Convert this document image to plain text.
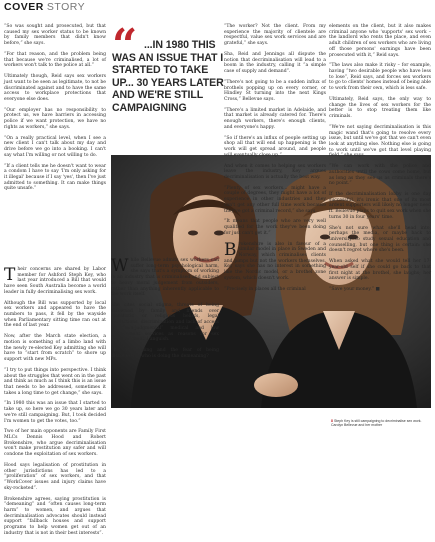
COVER STORY

“So was sought and prosecuted, but that caused my sex worker status to be known by family members that didn't know before,” she says.

“For that reason, and the problem being that because we're criminalised, a lot of workers won't talk to the police at all.”

Ultimately though, Reid says sex workers just want to be seen as legitimate, to not be discriminated against and to have the same access to workplace protections that everyone else does.

“Our employer has no responsibility to protect us, we have barriers in accessing police if we want protection, we have no rights as workers,” she says.

“On a really practical level, when I see a new client I can't talk about my day and drive before we go into a booking. I can't say what I'm willing or not willing to do.

“If a client tells me he doesn't want to wear a condom I have to say 'I'm only asking for it illegal' because if I say 'yes', then I've just admitted to something. It can make things quite unsafe.”

Their concerns are shared by Labor member for Ashford Steph Key, who last year introduced a Bill that would have seen South Australia become a world leader in fully decriminalising sex work.

Although the Bill was supported by local sex workers and appeared to have the numbers to pass, it fell by the wayside when Parliamentary sitting time ran out at the end of last year.

Now, after the March state election, a motion is something of a limbo land with the newly re-elected Key admitting she will have to “start from scratch” to shore up support with new MPs.

“I try to put things into perspective. I think about the struggles that went on in the past and think as much as I think this is an issue that needs to be addressed, sometimes it takes a long time to get change,” she says.

“In 1980 this was an issue that I started to take up, so here we go 30 years later and we're still campaigning. But, I took decided I'm women to get the votes, too.”

Two of her main opponents are Family First MLCs Dennis Hood and Robert Brokenshire, who argue decriminalisation won't make prostitution any safer and will condone the exploitation of sex workers.

Hood says legalisation of prostitution in other jurisdictions has led to a “proliferation” of sex workers, and that “WorkCover issues and injury claims have sky-rocketed”.

Brokenshire agrees, saying prostitution is “demeaning” and “often causes long-term harm” to women, and argues that decriminalisation advocates should instead support “fallback houses and support programs to help women get out of an industry that is not in their best interests”.

“ ...IN 1980 THIS WAS AN ISSUE THAT I STARTED TO TAKE UP... 30 YEARS LATER AND WE'RE STILL CAMPAIGNING

While Bellevue admits sex workers can suffer long-term psychological harm, she says that's a symptom of working in an industry that is criminalised and subject to heavy moral judgement from outsiders, rather than anything inherently applicable to the work itself.

She cites social stigma, threats of being disowned by family and friends over moralistic or religious beliefs, legal restrictions, discrimination and lack of access to “non-judgmental” medical and law enforcement services as reasons for sex workers' mental anguish.

“It's the hiding and the fear of being discovered – who is doing the demeaning?

“The worker? Not the client. From my experience the majority of clientele are respectful, value sex work services and are grateful,” she says.

Sha, Reid and Jennings all dispute the notion that decriminalisation will lead to a boom in the industry, calling it “a simple case of supply and demand”.

“There's not going to be a sudden influx of brothels popping up on every corner, or Hindley St turning into the next Kings Cross,” Bellevue says.

“There's a limited market in Adelaide, and that market is already catered for. There's enough workers, there's enough clients, and everyone's happy.

“So if there's an influx of people setting up shop all that will end up happening is the work will get spread around, and people will eventually close up.”

And when it comes to helping sex workers leave the industry, Key argues decriminalisation is actually the best way.

“Plenty of sex workers... might have a couple of degrees, they might have a lot of experience in other industries and they can't get any other full time work because they've got a criminal record,” she says.

“It means that people who are very well qualified for the work they've been doing for just can't get it.”

Brokenshire is also in favour of a similar model in place in Sweden and Norway, which criminalises clients and pimps but not the workers themselves. Key says she has no interest in something like the Nordic model, or a brothel zone system, which doesn't work.

“Precisely in places all the criminal

elements on the client, but it also makes criminal anyone who 'supports' sex work – the landlord who rents the place, and even adult children of sex workers who are living off those persons' earnings have been prosecuted with it,” Reid says.

“The laws also make it risky – for example, having “two desirable people who have less to lose”, Reid says, and forces sex workers to go to clients' homes instead of being able to work from their own, which is less safe.

Ultimately, Reid says, the only way to change the lives of sex workers for the better is to stop treating them like criminals.

“We're not saying decriminalisation is this magic wand that's going to resolve every issue, but until we've got that we can't even look at anything else. Nothing else is going to work until we've got that level playing field,” she says.

“We can work with the police and authorities until the cows come home, but as long as they see us as criminals there's no point.”

If the decriminalisation lobby is one day successful, it's ironic that one of its most ardent supporters will likely no longer need it. Bellevue plans to quit sex work when she turns 30 in four years' time.

She's not sure what she'll head into, perhaps the media, or maybe back to university to study sexual education and counselling, but one thing is certain: she doesn't regret where she's been.

When asked what she would tell her 17-year-old self if she could go back to that first night at the brothel, she laughs; her answer is simple.

“Save your money.” ■

8 Steph Key is still campaigning to decriminalise sex work. Carolyn Bellevue and her mother
